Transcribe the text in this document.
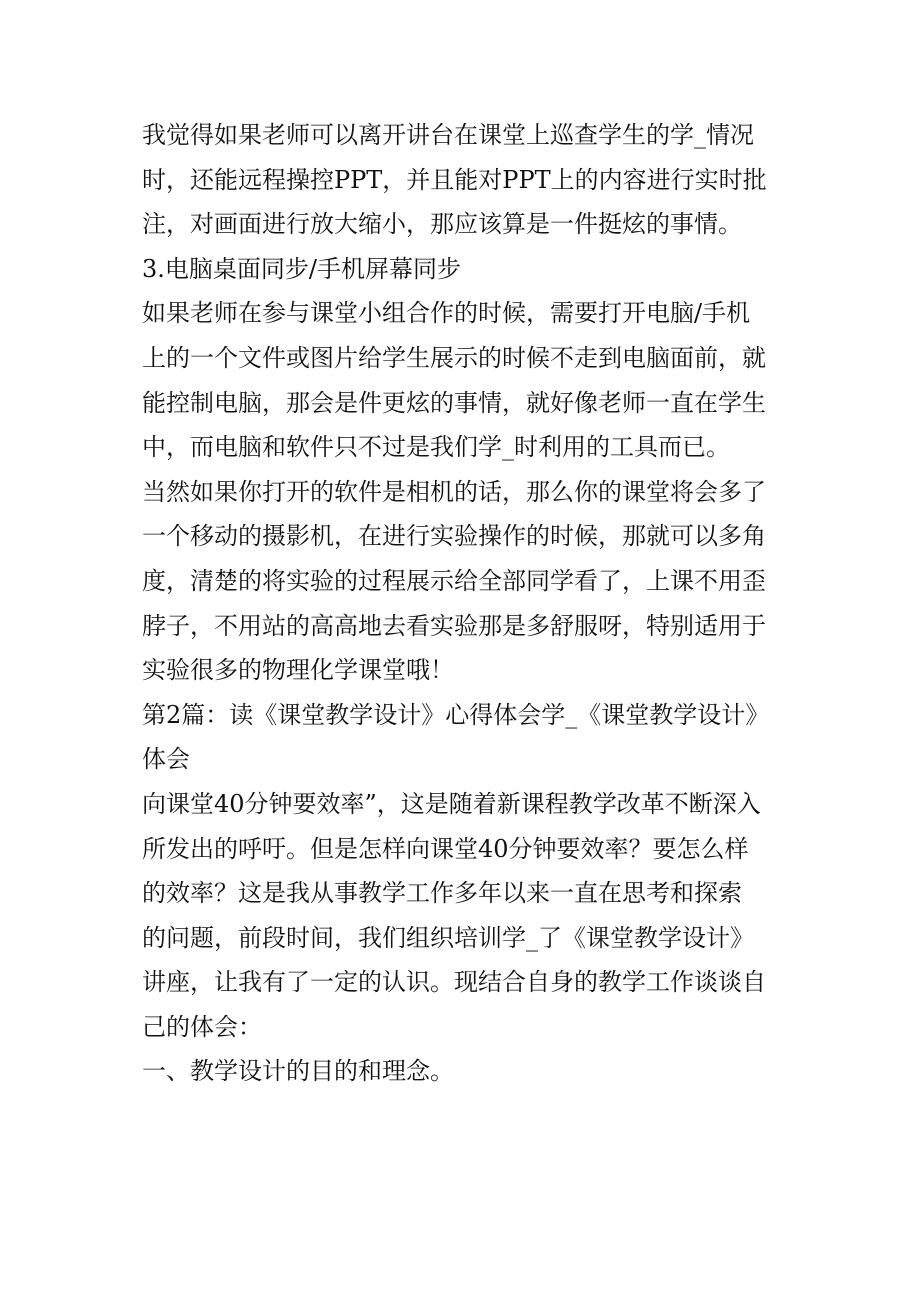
我觉得如果老师可以离开讲台在课堂上巡查学生的学_情况

时，还能远程操控PPT，并且能对PPT上的内容进行实时批

注，对画面进行放大缩小，那应该算是一件挺炫的事情。

3.电脑桌面同步/手机屏幕同步

如果老师在参与课堂小组合作的时候，需要打开电脑/手机

上的一个文件或图片给学生展示的时候不走到电脑面前，就

能控制电脑，那会是件更炫的事情，就好像老师一直在学生

中，而电脑和软件只不过是我们学_时利用的工具而已。

当然如果你打开的软件是相机的话，那么你的课堂将会多了

一个移动的摄影机，在进行实验操作的时候，那就可以多角

度，清楚的将实验的过程展示给全部同学看了，上课不用歪

脖子，不用站的高高地去看实验那是多舒服呀，特别适用于

实验很多的物理化学课堂哦！

第2篇：读《课堂教学设计》心得体会学_《课堂教学设计》

体会

向课堂40分钟要效率”，这是随着新课程教学改革不断深入

所发出的呼吁。但是怎样向课堂40分钟要效率？要怎么样

的效率？这是我从事教学工作多年以来一直在思考和探索

的问题，前段时间，我们组织培训学_了《课堂教学设计》

讲座，让我有了一定的认识。现结合自身的教学工作谈谈自

己的体会：

一、教学设计的目的和理念。
